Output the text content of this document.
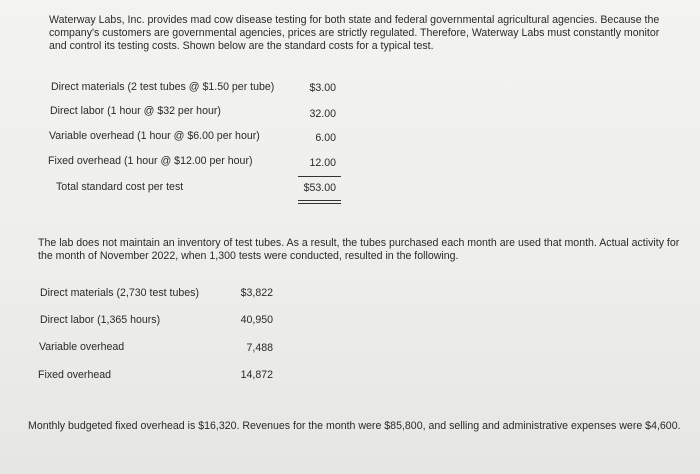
Waterway Labs, Inc. provides mad cow disease testing for both state and federal governmental agricultural agencies. Because the company's customers are governmental agencies, prices are strictly regulated. Therefore, Waterway Labs must constantly monitor and control its testing costs. Shown below are the standard costs for a typical test.

Direct materials (2 test tubes @ $1.50 per tube)	$3.00
Direct labor (1 hour @ $32 per hour)	32.00
Variable overhead (1 hour @ $6.00 per hour)	6.00
Fixed overhead (1 hour @ $12.00 per hour)	12.00
Total standard cost per test	$53.00

The lab does not maintain an inventory of test tubes. As a result, the tubes purchased each month are used that month. Actual activity for the month of November 2022, when 1,300 tests were conducted, resulted in the following.

Direct materials (2,730 test tubes)	$3,822
Direct labor (1,365 hours)	40,950
Variable overhead	7,488
Fixed overhead	14,872

Monthly budgeted fixed overhead is $16,320. Revenues for the month were $85,800, and selling and administrative expenses were $4,600.
